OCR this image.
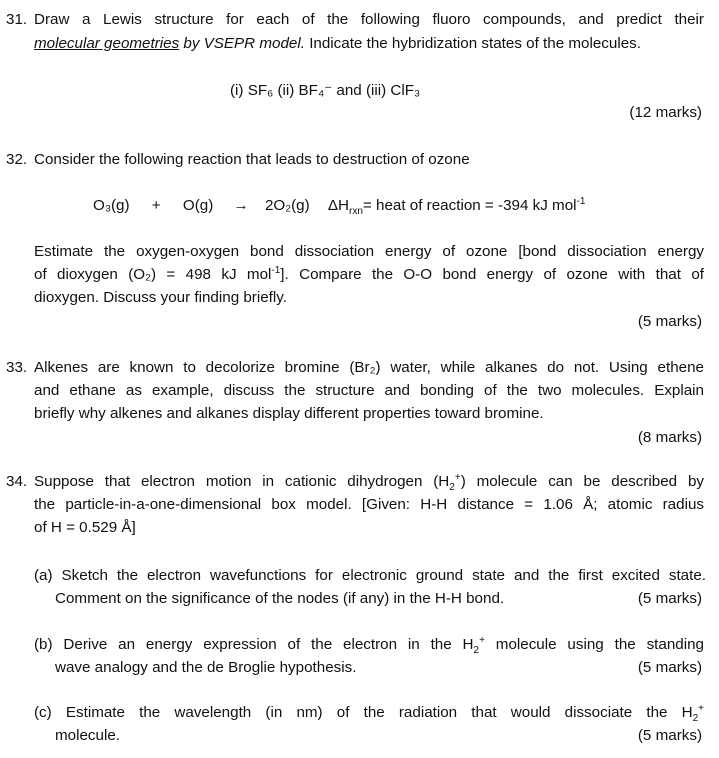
31. Draw a Lewis structure for each of the following fluoro compounds, and predict their
molecular geometries by VSEPR model. Indicate the hybridization states of the molecules.
(i) SF₆ (ii) BF₄⁻ and (iii) ClF₃
(12 marks)
32. Consider the following reaction that leads to destruction of ozone
O₃(g) + O(g) → 2O₂(g) $\Delta H_{rxn}=$ heat of reaction = -394 kJ mol$^{-1}$
Estimate the oxygen-oxygen bond dissociation energy of ozone [bond dissociation energy
of dioxygen (O₂) = 498 kJ mol$^{-1}$]. Compare the O-O bond energy of ozone with that of
dioxygen. Discuss your finding briefly.
(5 marks)
33. Alkenes are known to decolorize bromine (Br₂) water, while alkanes do not. Using ethene
and ethane as example, discuss the structure and bonding of the two molecules. Explain
briefly why alkenes and alkanes display different properties toward bromine.
(8 marks)
34. Suppose that electron motion in cationic dihydrogen $(H_2^+)$ molecule can be described by
the particle-in-a-one-dimensional box model. [Given: H-H distance = 1.06 Å; atomic radius
of H = 0.529 Å]
(a) Sketch the electron wavefunctions for electronic ground state and the first excited state.
Comment on the significance of the nodes (if any) in the H-H bond.	(5 marks)
(b) Derive an energy expression of the electron in the $H_2^+$ molecule using the standing
wave analogy and the de Broglie hypothesis.	(5 marks)
(c) Estimate the wavelength (in nm) of the radiation that would dissociate the $H_2^+$
molecule.	(5 marks)
